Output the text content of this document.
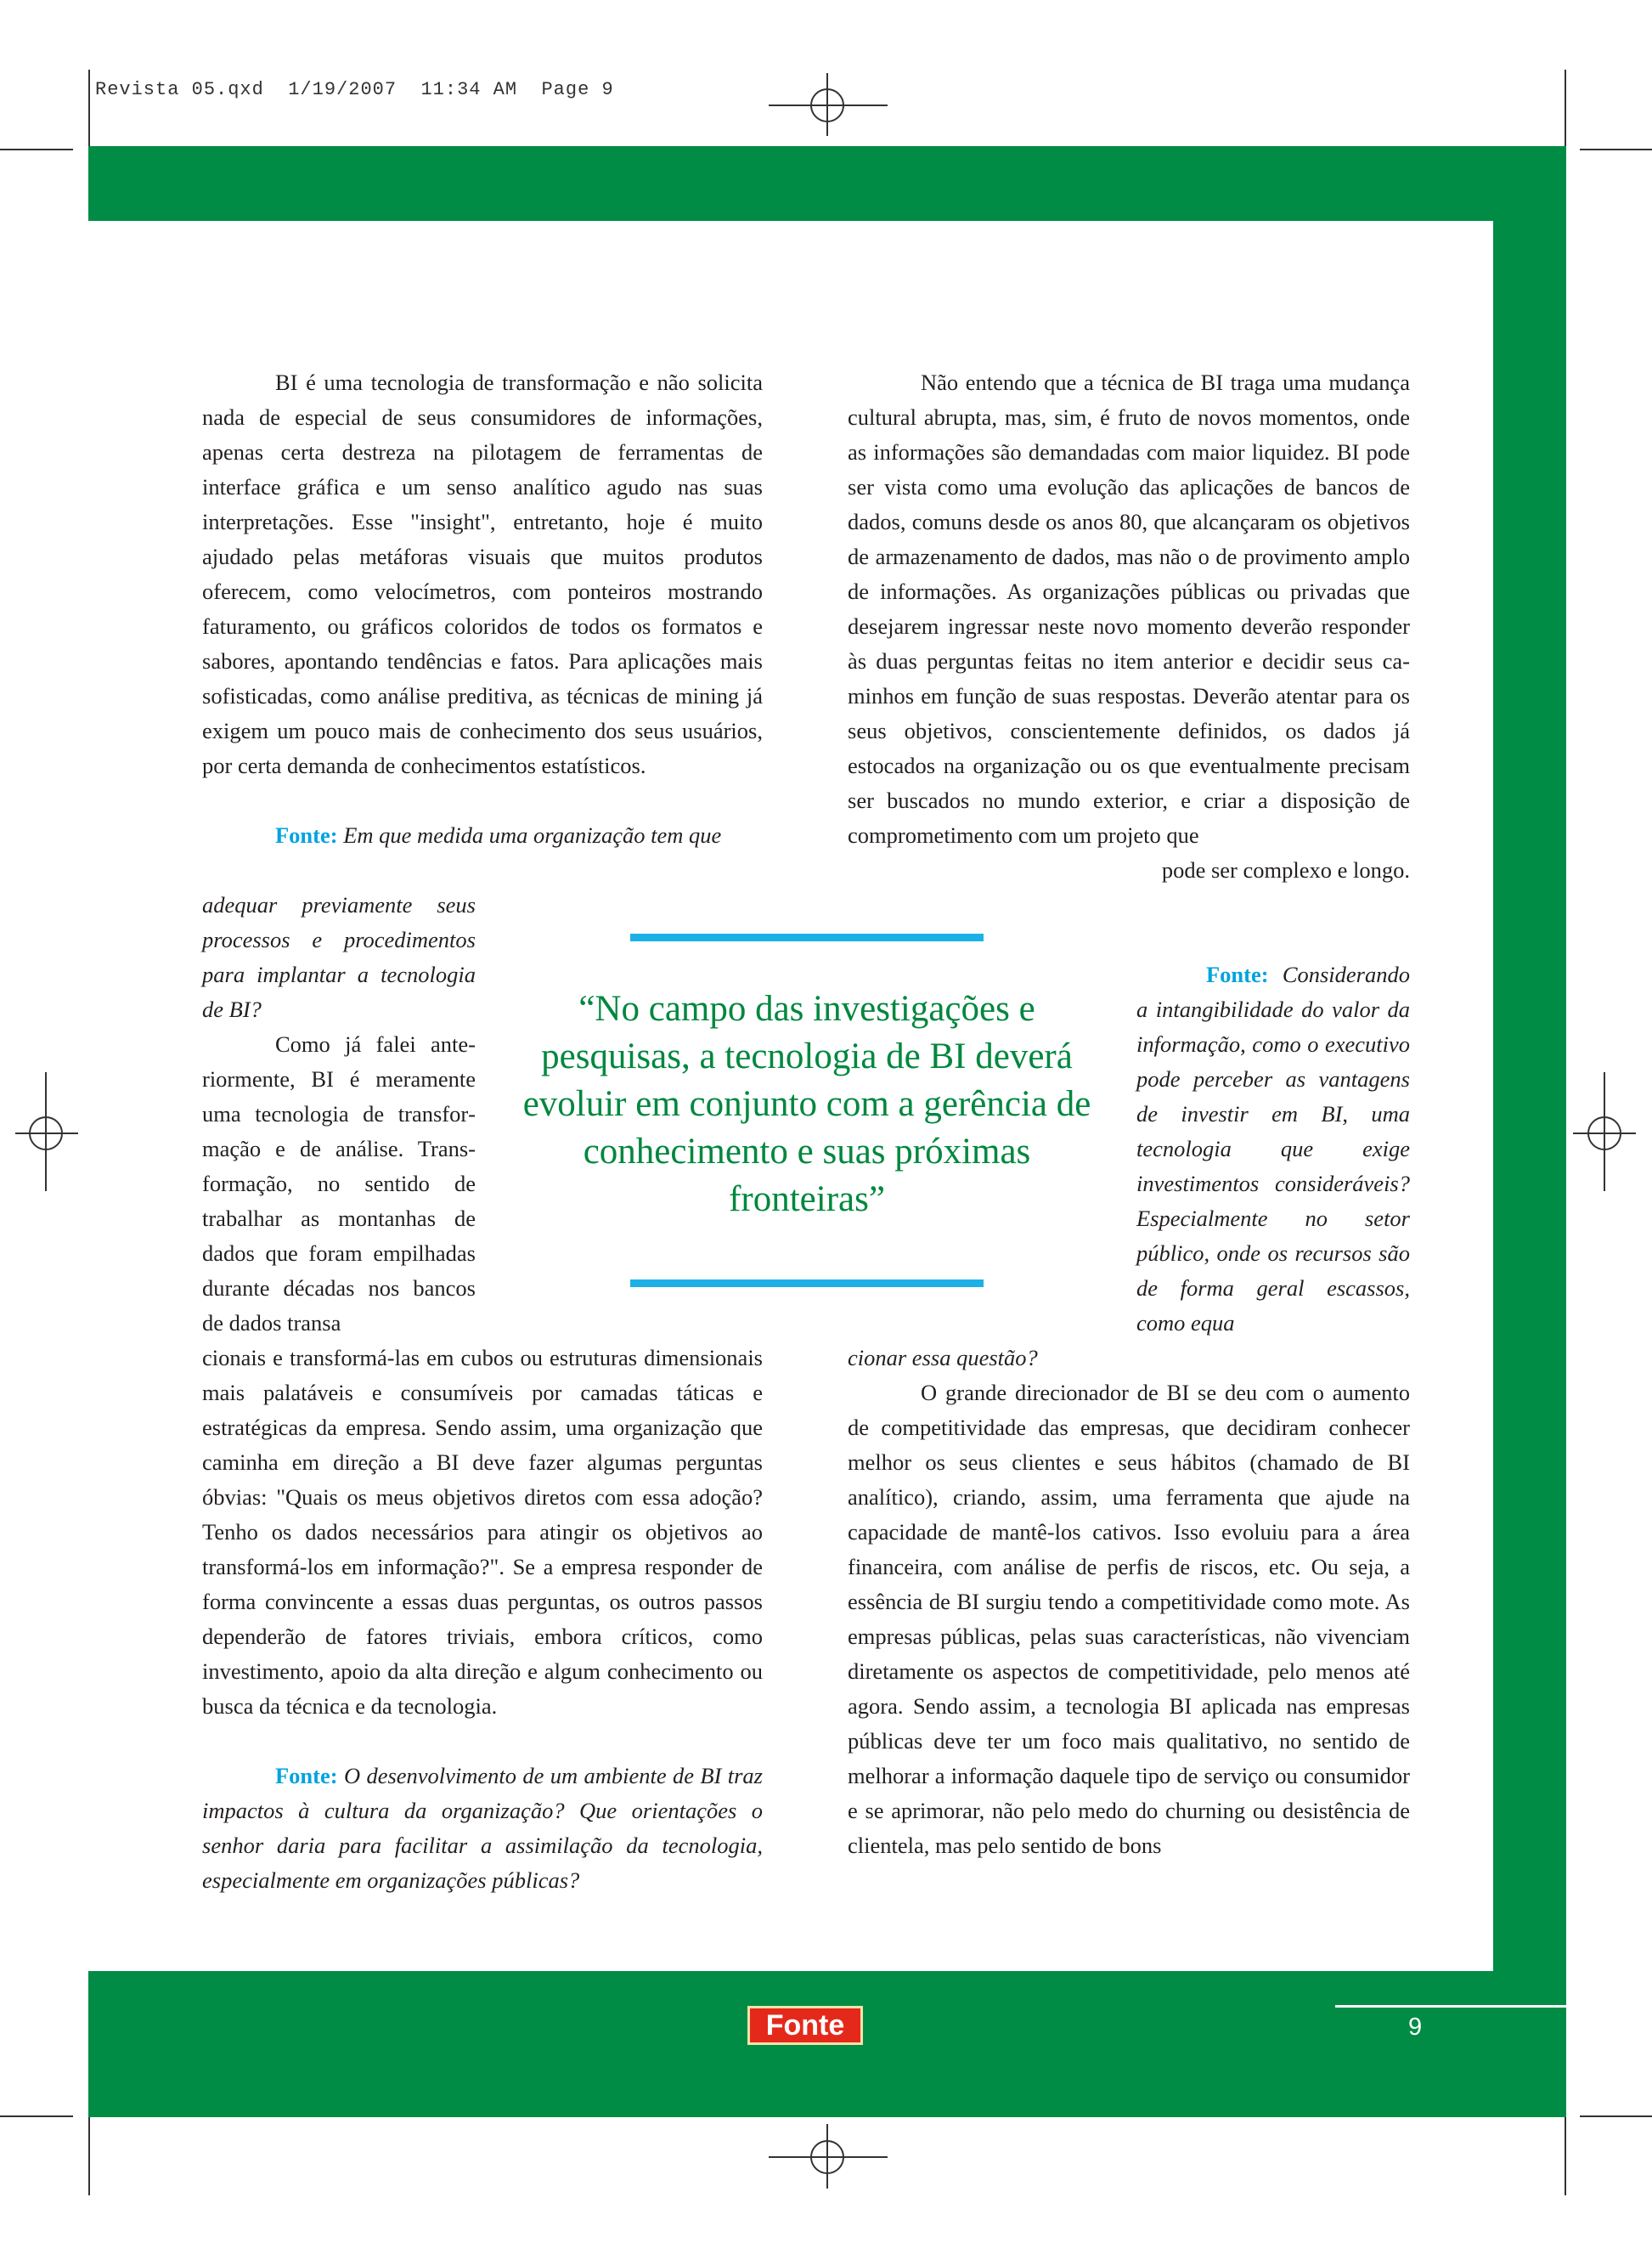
Revista 05.qxd  1/19/2007  11:34 AM  Page 9

BI é uma tecnologia de transformação e não solicita nada de especial de seus consumidores de informações, apenas certa destreza na pilotagem de ferramentas de interface gráfica e um senso analítico agudo nas suas interpretações. Esse "insight", entretanto, hoje é muito ajudado pelas metáforas visuais que muitos produtos oferecem, como velocímetros, com ponteiros mostrando faturamento, ou gráficos coloridos de todos os formatos e sabores, apontando tendências e fatos. Para aplicações mais sofisticadas, como análise preditiva, as técnicas de mining já exigem um pouco mais de conhecimento dos seus usuários, por certa demanda de conhecimentos estatísticos.

Fonte: Em que medida uma organização tem que

adequar previamente seus processos e procedimentos para implantar a tecnologia de BI?

Como já falei anteriormente, BI é meramente uma tecnologia de transformação e de análise. Transformação, no sentido de trabalhar as montanhas de dados que foram empilhadas durante décadas nos bancos de dados transa

cionais e transformá-las em cubos ou estruturas dimensionais mais palatáveis e consumíveis por camadas táticas e estratégicas da empresa. Sendo assim, uma organização que caminha em direção a BI deve fazer algumas perguntas óbvias: "Quais os meus objetivos diretos com essa adoção? Tenho os dados necessários para atingir os objetivos ao transformá-los em informação?". Se a empresa responder de forma convincente a essas duas perguntas, os outros passos dependerão de fatores triviais, embora críticos, como investimento, apoio da alta direção e algum conhecimento ou busca da técnica e da tecnologia.

Fonte: O desenvolvimento de um ambiente de BI traz impactos à cultura da organização? Que orientações o senhor daria para facilitar a assimilação da tecnologia, especialmente em organizações públicas?

Não entendo que a técnica de BI traga uma mudança cultural abrupta, mas, sim, é fruto de novos momentos, onde as informações são demandadas com maior liquidez. BI pode ser vista como uma evolução das aplicações de bancos de dados, comuns desde os anos 80, que alcançaram os objetivos de armazenamento de dados, mas não o de provimento amplo de informações. As organizações públicas ou privadas que desejarem ingressar neste novo momento deverão responder às duas perguntas feitas no item anterior e decidir seus caminhos em função de suas respostas. Deverão atentar para os seus objetivos, conscientemente definidos, os dados já estocados na organização ou os que eventualmente precisam ser buscados no mundo exterior, e criar a disposição de comprometimento com um projeto que

pode ser complexo e longo.

Fonte: Considerando a intangibilidade do valor da informação, como o executivo pode perceber as vantagens de investir em BI, uma tecnologia que exige investimentos consideráveis? Especialmente no setor público, onde os recursos são de forma geral escassos, como equa

cionar essa questão?

O grande direcionador de BI se deu com o aumento de competitividade das empresas, que decidiram conhecer melhor os seus clientes e seus hábitos (chamado de BI analítico), criando, assim, uma ferramenta que ajude na capacidade de mantê-los cativos. Isso evoluiu para a área financeira, com análise de perfis de riscos, etc. Ou seja, a essência de BI surgiu tendo a competitividade como mote. As empresas públicas, pelas suas características, não vivenciam diretamente os aspectos de competitividade, pelo menos até agora. Sendo assim, a tecnologia BI aplicada nas empresas públicas deve ter um foco mais qualitativo, no sentido de melhorar a informação daquele tipo de serviço ou consumidor e se aprimorar, não pelo medo do churning ou desistência de clientela, mas pelo sentido de bons

“No campo das investigações e pesquisas, a tecnologia de BI deverá evoluir em conjunto com a gerência de conhecimento e suas próximas fronteiras”
Fonte	9
